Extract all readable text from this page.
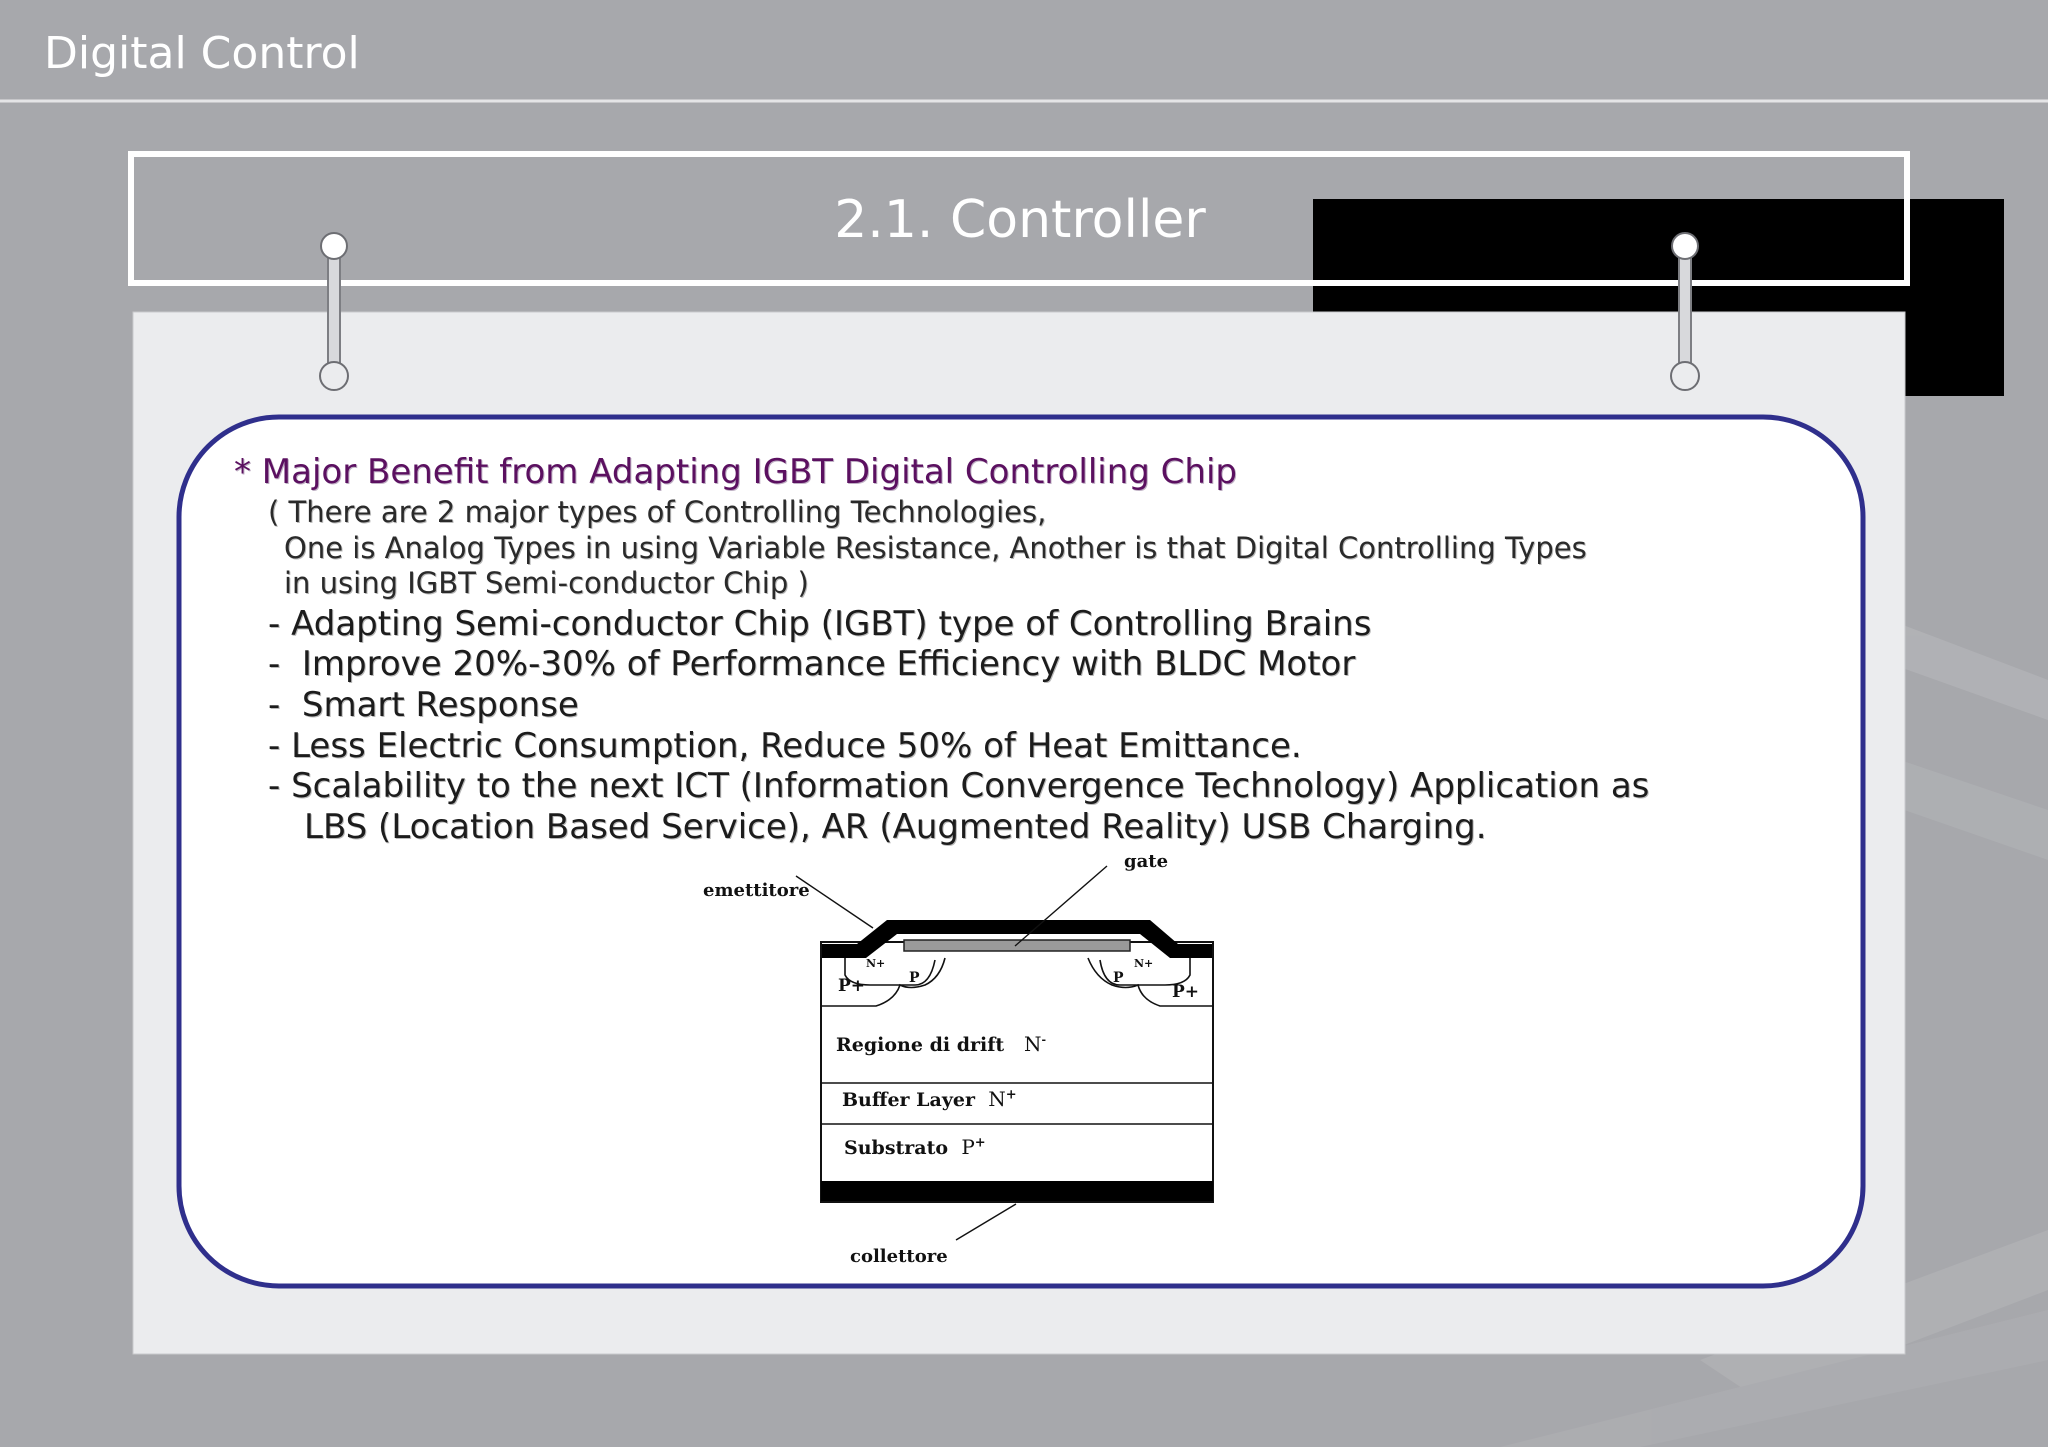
Digital Control
2.1. Controller
* Major Benefit from Adapting IGBT Digital Controlling Chip
( There are 2 major types of Controlling Technologies,
One is Analog Types in using Variable Resistance, Another is that Digital Controlling Types
in using IGBT Semi-conductor Chip )
- Adapting Semi-conductor Chip (IGBT) type of Controlling Brains
-  Improve 20%-30% of Performance Efficiency with BLDC Motor
-  Smart Response
- Less Electric Consumption, Reduce 50% of Heat Emittance.
- Scalability to the next ICT (Information Convergence Technology) Application as
LBS (Location Based Service), AR (Augmented Reality) USB Charging.
gate
emettitore
collettore
N+	N+
P	P
P+	P+
Regione di drift N-
Buffer Layer N+
Substrato P+
